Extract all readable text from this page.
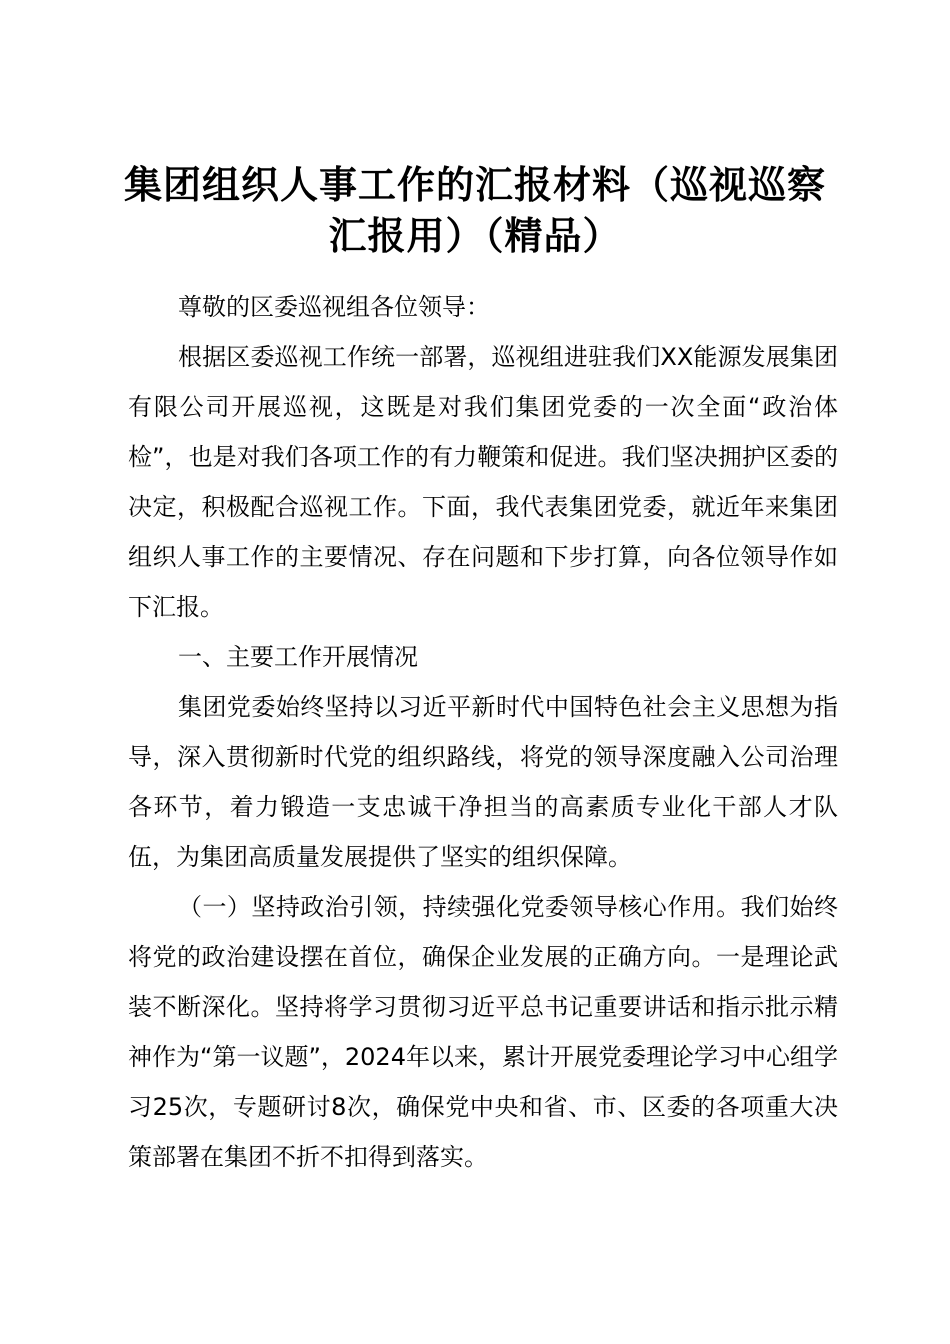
集团组织人事工作的汇报材料（巡视巡察汇报用）（精品）

尊敬的区委巡视组各位领导：

根据区委巡视工作统一部署，巡视组进驻我们XX能源发展集团有限公司开展巡视，这既是对我们集团党委的一次全面“政治体检”，也是对我们各项工作的有力鞭策和促进。我们坚决拥护区委的决定，积极配合巡视工作。下面，我代表集团党委，就近年来集团组织人事工作的主要情况、存在问题和下步打算，向各位领导作如下汇报。

一、主要工作开展情况

集团党委始终坚持以习近平新时代中国特色社会主义思想为指导，深入贯彻新时代党的组织路线，将党的领导深度融入公司治理各环节，着力锻造一支忠诚干净担当的高素质专业化干部人才队伍，为集团高质量发展提供了坚实的组织保障。

（一）坚持政治引领，持续强化党委领导核心作用。我们始终将党的政治建设摆在首位，确保企业发展的正确方向。一是理论武装不断深化。坚持将学习贯彻习近平总书记重要讲话和指示批示精神作为“第一议题”，2024年以来，累计开展党委理论学习中心组学习25次，专题研讨8次，确保党中央和省、市、区委的各项重大决策部署在集团不折不扣得到落实。
